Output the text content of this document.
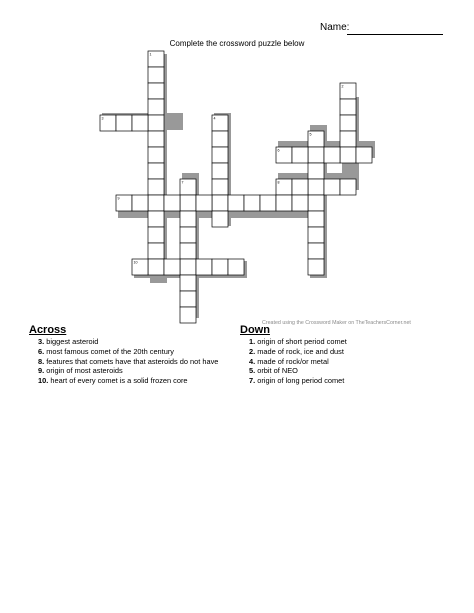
Name:
Complete the crossword puzzle below
1
2
3	4
5
6
7	8
9
10
Created using the Crossword Maker on TheTeachersCorner.net
Across
3. biggest asteroid
6. most famous comet of the 20th century
8. features that comets have that asteroids do not have
9. origin of most asteroids
10. heart of every comet is a solid frozen core
Down
1. origin of short period comet
2. made of rock, ice and dust
4. made of rock/or metal
5. orbit of NEO
7. origin of long period comet
